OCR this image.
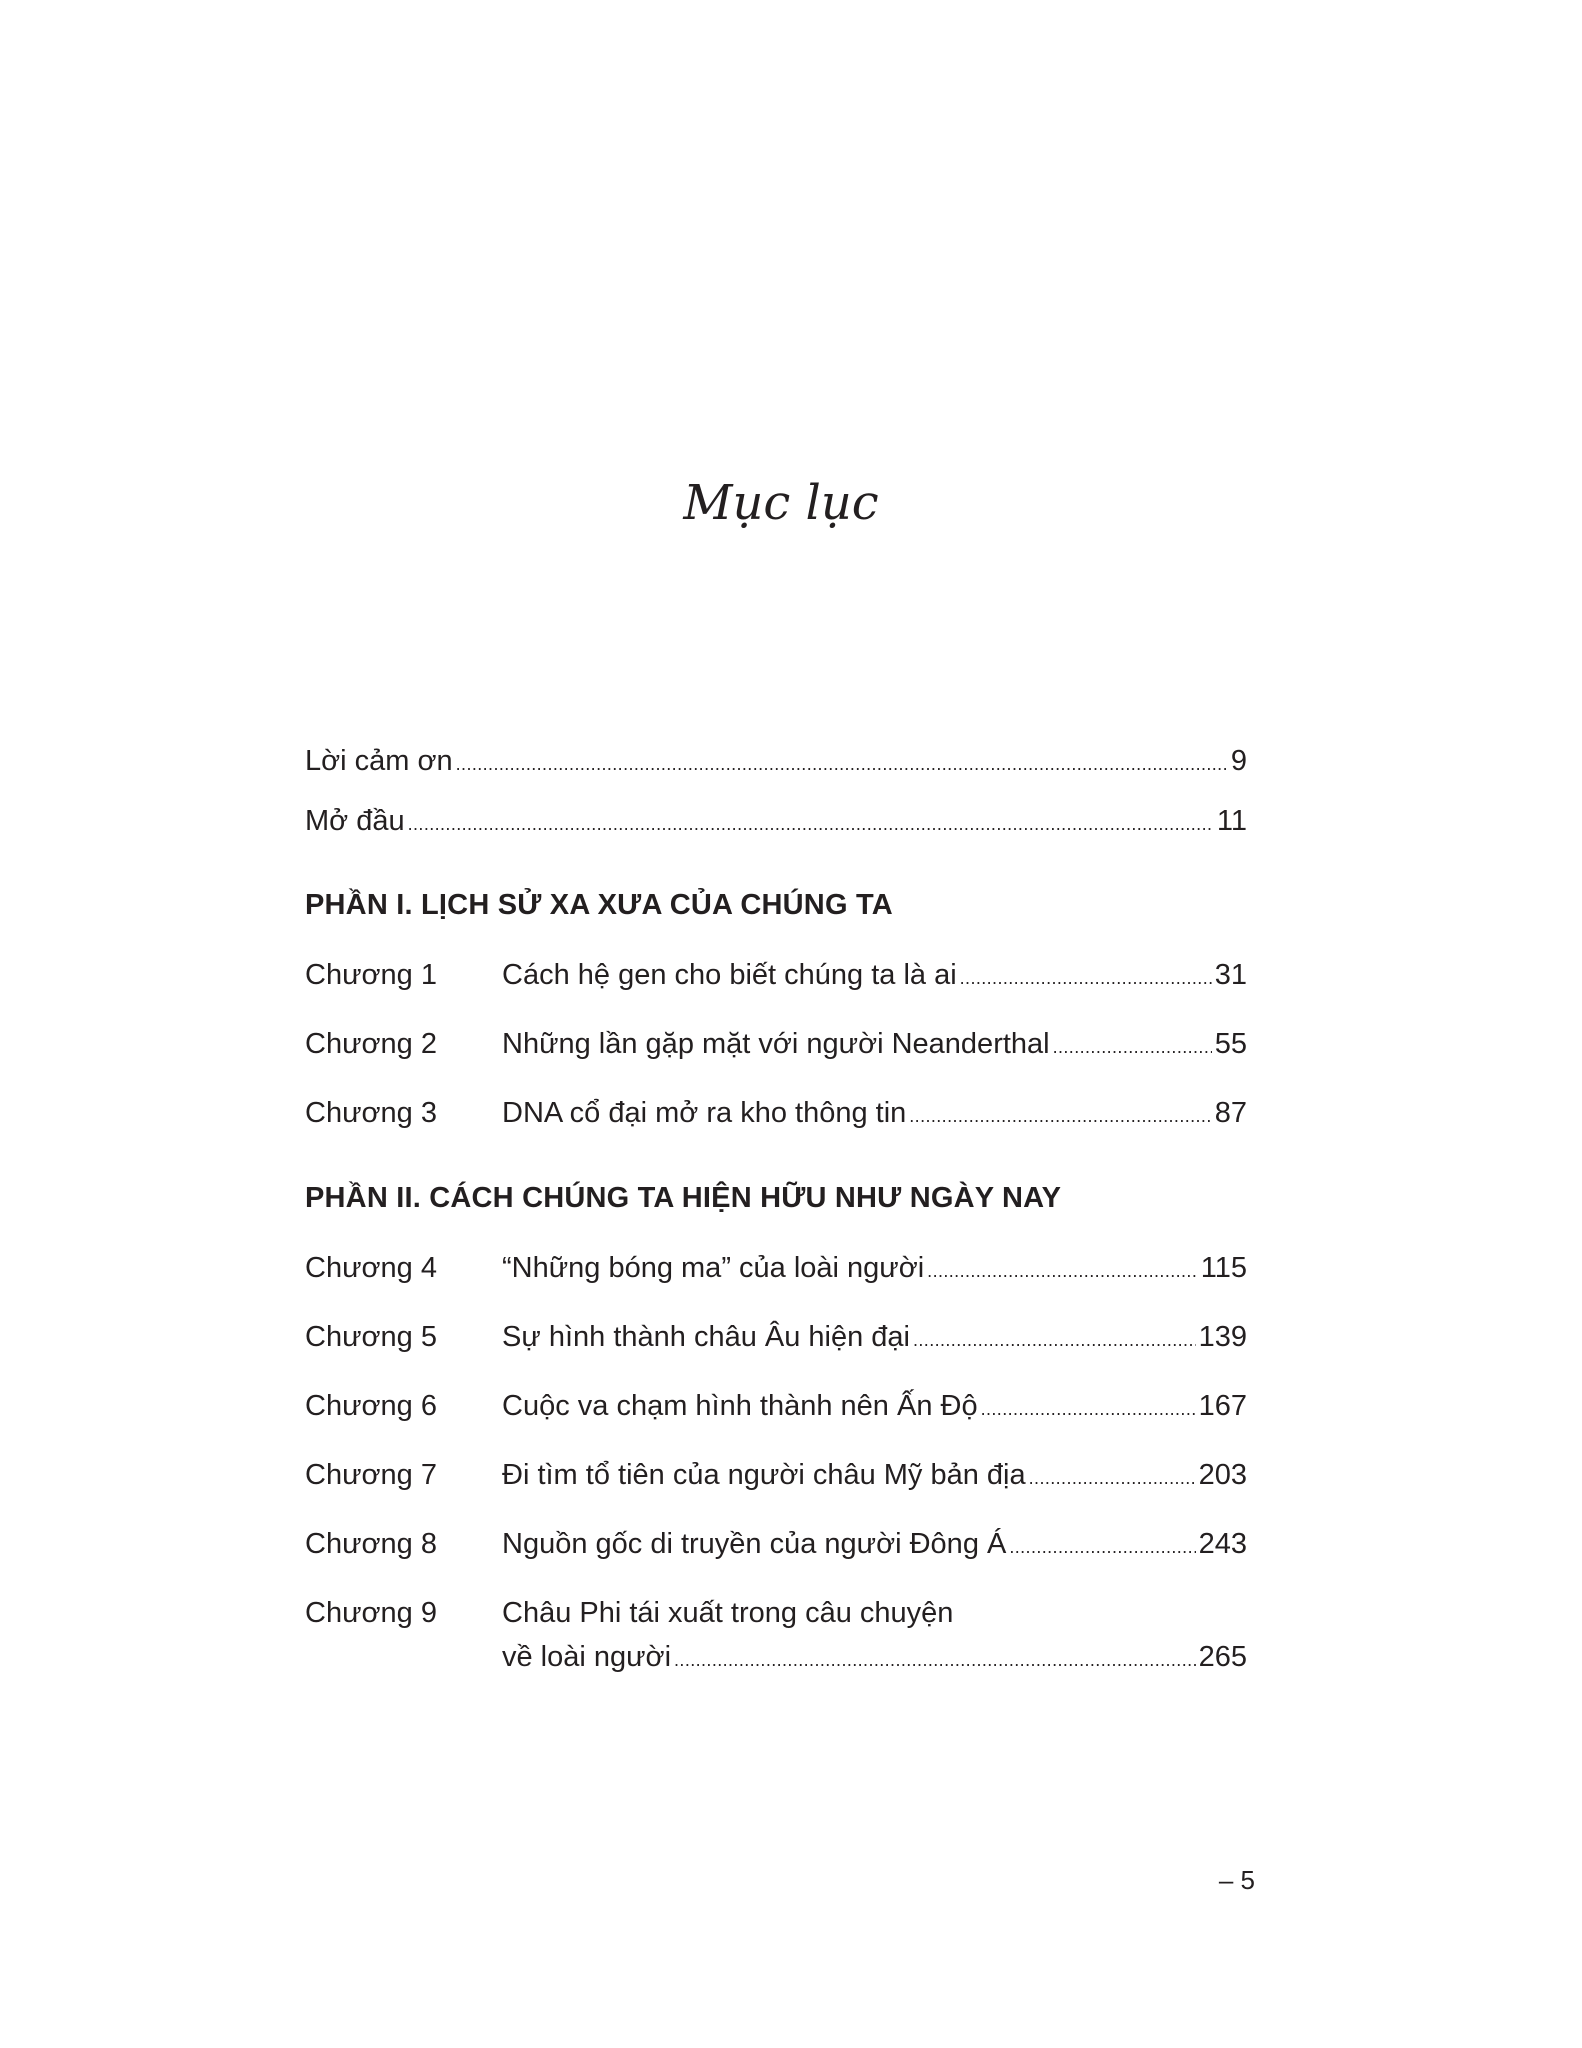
Mục lục
Lời cảm ơn .....	9
Mở đầu .....	11
PHẦN I. LỊCH SỬ XA XƯA CỦA CHÚNG TA
Chương 1	Cách hệ gen cho biết chúng ta là ai .....	31
Chương 2	Những lần gặp mặt với người Neanderthal .....	55
Chương 3	DNA cổ đại mở ra kho thông tin .....	87
PHẦN II. CÁCH CHÚNG TA HIỆN HỮU NHƯ NGÀY NAY
Chương 4	“Những bóng ma” của loài người .....	115
Chương 5	Sự hình thành châu Âu hiện đại .....	139
Chương 6	Cuộc va chạm hình thành nên Ấn Độ .....	167
Chương 7	Đi tìm tổ tiên của người châu Mỹ bản địa .....	203
Chương 8	Nguồn gốc di truyền của người Đông Á .....	243
Chương 9	Châu Phi tái xuất trong câu chuyện
về loài người .....	265
– 5
